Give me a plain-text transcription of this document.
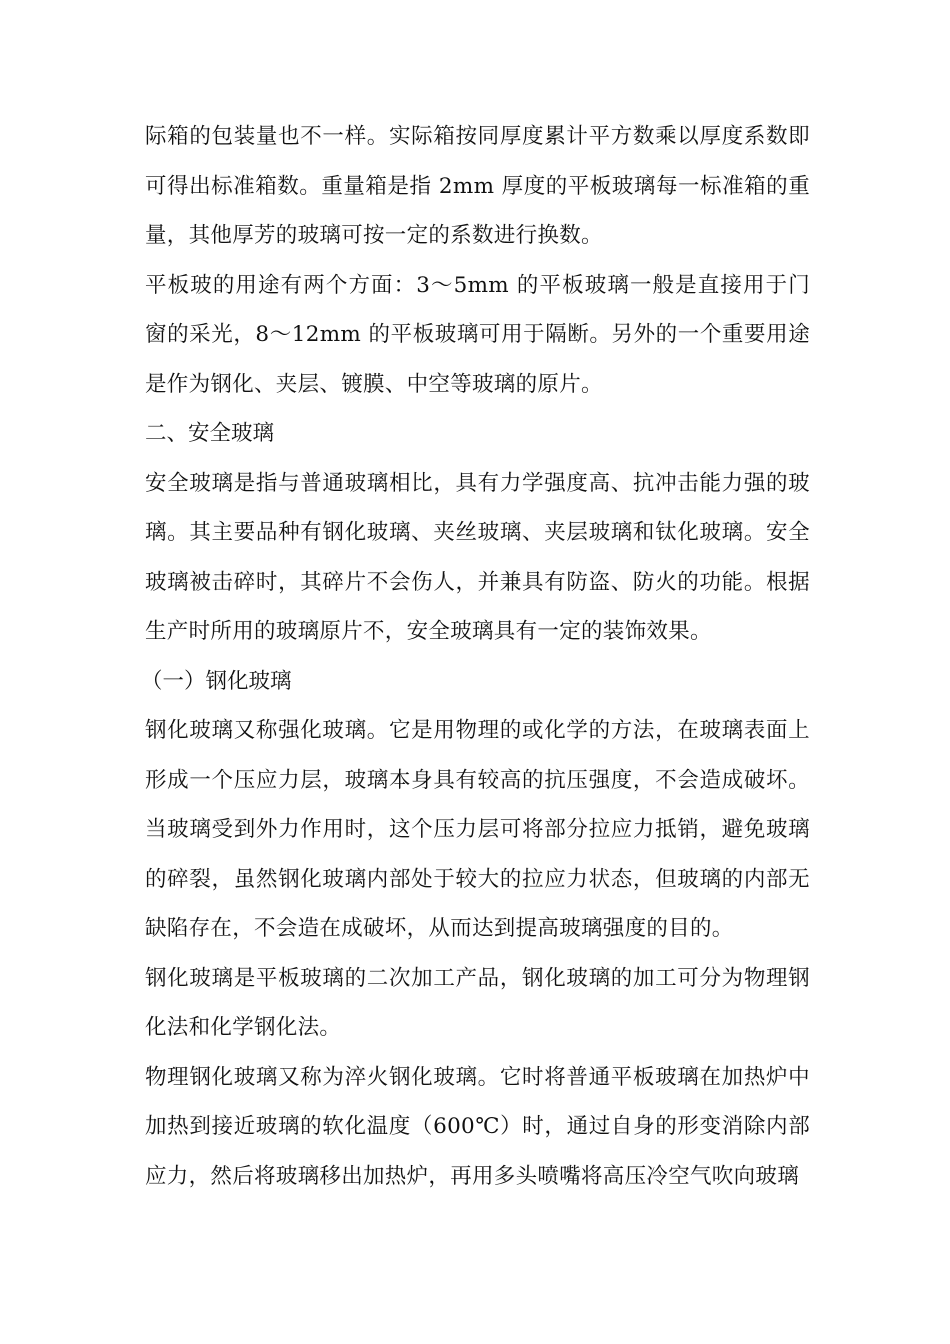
际箱的包装量也不一样。实际箱按同厚度累计平方数乘以厚度系数即可得出标准箱数。重量箱是指 2mm 厚度的平板玻璃每一标准箱的重量，其他厚芳的玻璃可按一定的系数进行换数。

平板玻的用途有两个方面：3～5mm 的平板玻璃一般是直接用于门窗的采光，8～12mm 的平板玻璃可用于隔断。另外的一个重要用途是作为钢化、夹层、镀膜、中空等玻璃的原片。

二、安全玻璃

安全玻璃是指与普通玻璃相比，具有力学强度高、抗冲击能力强的玻璃。其主要品种有钢化玻璃、夹丝玻璃、夹层玻璃和钛化玻璃。安全玻璃被击碎时，其碎片不会伤人，并兼具有防盗、防火的功能。根据生产时所用的玻璃原片不，安全玻璃具有一定的装饰效果。

（一）钢化玻璃

钢化玻璃又称强化玻璃。它是用物理的或化学的方法，在玻璃表面上形成一个压应力层，玻璃本身具有较高的抗压强度，不会造成破坏。当玻璃受到外力作用时，这个压力层可将部分拉应力抵销，避免玻璃的碎裂，虽然钢化玻璃内部处于较大的拉应力状态，但玻璃的内部无缺陷存在，不会造在成破坏，从而达到提高玻璃强度的目的。

钢化玻璃是平板玻璃的二次加工产品，钢化玻璃的加工可分为物理钢化法和化学钢化法。

物理钢化玻璃又称为淬火钢化玻璃。它时将普通平板玻璃在加热炉中加热到接近玻璃的软化温度（600℃）时，通过自身的形变消除内部应力，然后将玻璃移出加热炉，再用多头喷嘴将高压冷空气吹向玻璃
